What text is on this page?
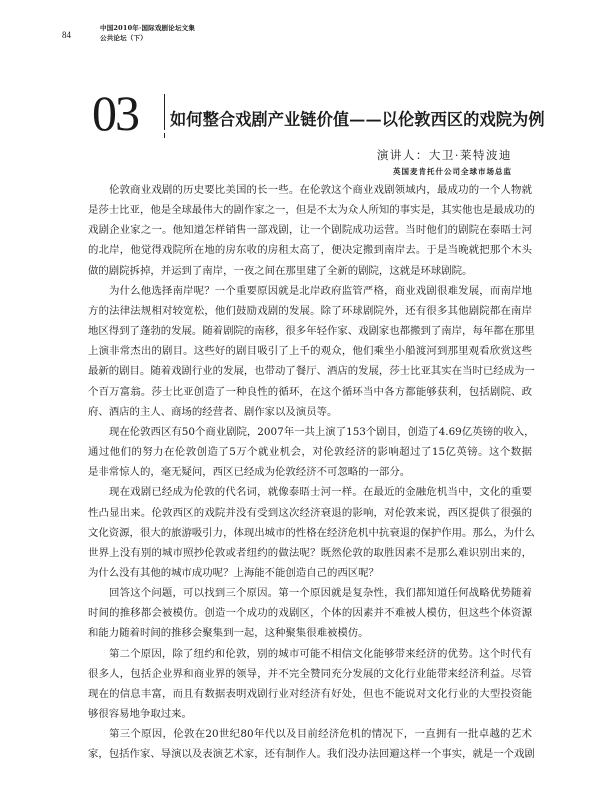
84
中国2010年·国际戏剧论坛文集
公共论坛（下）
03 如何整合戏剧产业链价值——以伦敦西区的戏院为例
演讲人：大卫·莱特波迪
英国麦肯托什公司全球市场总监
伦敦商业戏剧的历史要比美国的长一些。在伦敦这个商业戏剧领域内，最成功的一个人物就
是莎士比亚，他是全球最伟大的剧作家之一，但是不太为众人所知的事实是，其实他也是最成功的
戏剧企业家之一。他知道怎样销售一部戏剧，让一个剧院成功运营。当时他们的剧院在泰晤士河
的北岸，他觉得戏院所在地的房东收的房租太高了，便决定搬到南岸去。于是当晚就把那个木头
做的剧院拆掉，并运到了南岸，一夜之间在那里建了全新的剧院，这就是环球剧院。
为什么他选择南岸呢？一个重要原因就是北岸政府监管严格，商业戏剧很难发展，而南岸地
方的法律法规相对较宽松，他们鼓励戏剧的发展。除了环球剧院外，还有很多其他剧院都在南岸
地区得到了蓬勃的发展。随着剧院的南移，很多年轻作家、戏剧家也都搬到了南岸，每年都在那里
上演非常杰出的剧目。这些好的剧目吸引了上千的观众，他们乘坐小船渡河到那里观看欣赏这些
最新的剧目。随着戏剧行业的发展，也带动了餐厅、酒店的发展，莎士比亚其实在当时已经成为一
个百万富翁。莎士比亚创造了一种良性的循环，在这个循环当中各方都能够获利，包括剧院、政
府、酒店的主人、商场的经营者、剧作家以及演员等。
现在伦敦西区有50个商业剧院，2007年一共上演了153个剧目，创造了4.69亿英镑的收入，
通过他们的努力在伦敦创造了5万个就业机会，对伦敦经济的影响超过了15亿英镑。这个数据
是非常惊人的，毫无疑问，西区已经成为伦敦经济不可忽略的一部分。
现在戏剧已经成为伦敦的代名词，就像泰晤士河一样。在最近的金融危机当中，文化的重要
性凸显出来。伦敦西区的戏院并没有受到这次经济衰退的影响，对伦敦来说，西区提供了很强的
文化资源，很大的旅游吸引力，体现出城市的性格在经济危机中抗衰退的保护作用。那么，为什么
世界上没有别的城市照抄伦敦或者纽约的做法呢？既然伦敦的取胜因素不是那么难识别出来的，
为什么没有其他的城市成功呢？上海能不能创造自己的西区呢？
回答这个问题，可以找到三个原因。第一个原因就是复杂性，我们都知道任何战略优势随着
时间的推移都会被模仿。创造一个成功的戏剧区，个体的因素并不难被人模仿，但这些个体资源
和能力随着时间的推移会聚集到一起，这种聚集很难被模仿。
第二个原因，除了纽约和伦敦，别的城市可能不相信文化能够带来经济的优势。这个时代有
很多人，包括企业界和商业界的领导，并不完全赞同充分发展的文化行业能带来经济利益。尽管
现在的信息丰富，而且有数据表明戏剧行业对经济有好处，但也不能说对文化行业的大型投资能
够很容易地争取过来。
第三个原因，伦敦在20世纪80年代以及目前经济危机的情况下，一直拥有一批卓越的艺术
家，包括作家、导演以及表演艺术家，还有制作人。我们没办法回避这样一个事实，就是一个戏剧
